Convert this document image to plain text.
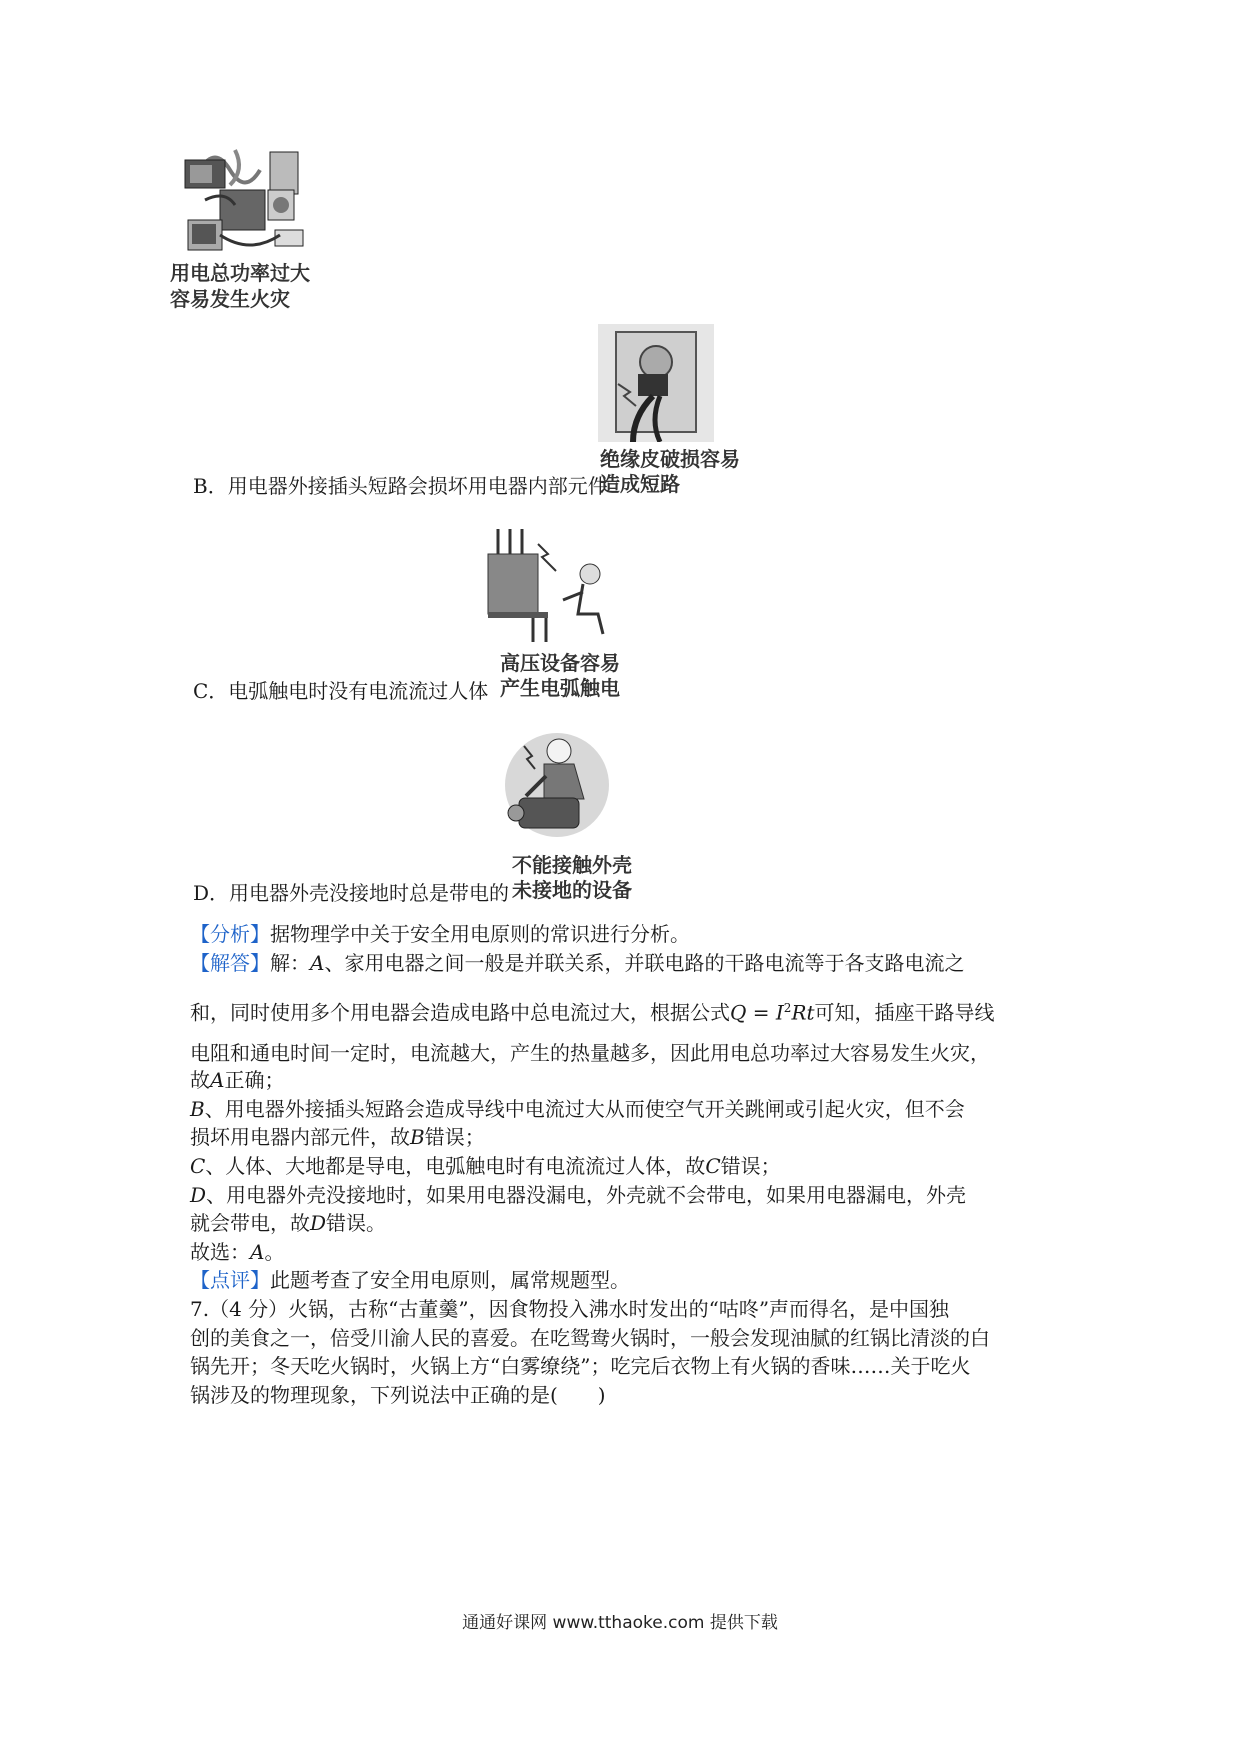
用电总功率过大
容易发生火灾
绝缘皮破损容易
B．用电器外接插头短路会损坏用电器内部元件
造成短路
高压设备容易
C．电弧触电时没有电流流过人体 产生电弧触电
不能接触外壳
D．用电器外壳没接地时总是带电的 未接地的设备
【分析】据物理学中关于安全用电原则的常识进行分析。
【解答】解：A、家用电器之间一般是并联关系，并联电路的干路电流等于各支路电流之
和，同时使用多个用电器会造成电路中总电流过大，根据公式$Q = I^2Rt$可知，插座干路导线
电阻和通电时间一定时，电流越大，产生的热量越多，因此用电总功率过大容易发生火灾，
故A正确；
B、用电器外接插头短路会造成导线中电流过大从而使空气开关跳闸或引起火灾，但不会
损坏用电器内部元件，故B错误；
C、人体、大地都是导电，电弧触电时有电流流过人体，故C错误；
D、用电器外壳没接地时，如果用电器没漏电，外壳就不会带电，如果用电器漏电，外壳
就会带电，故D错误。
故选：A。
【点评】此题考查了安全用电原则，属常规题型。
7.（4 分）火锅，古称“古董羹”，因食物投入沸水时发出的“咕咚”声而得名，是中国独
创的美食之一，倍受川渝人民的喜爱。在吃鸳鸯火锅时，一般会发现油腻的红锅比清淡的白
锅先开；冬天吃火锅时，火锅上方“白雾缭绕”；吃完后衣物上有火锅的香味……关于吃火
锅涉及的物理现象，下列说法中正确的是(　　)
通通好课网 www.tthaoke.com 提供下载
